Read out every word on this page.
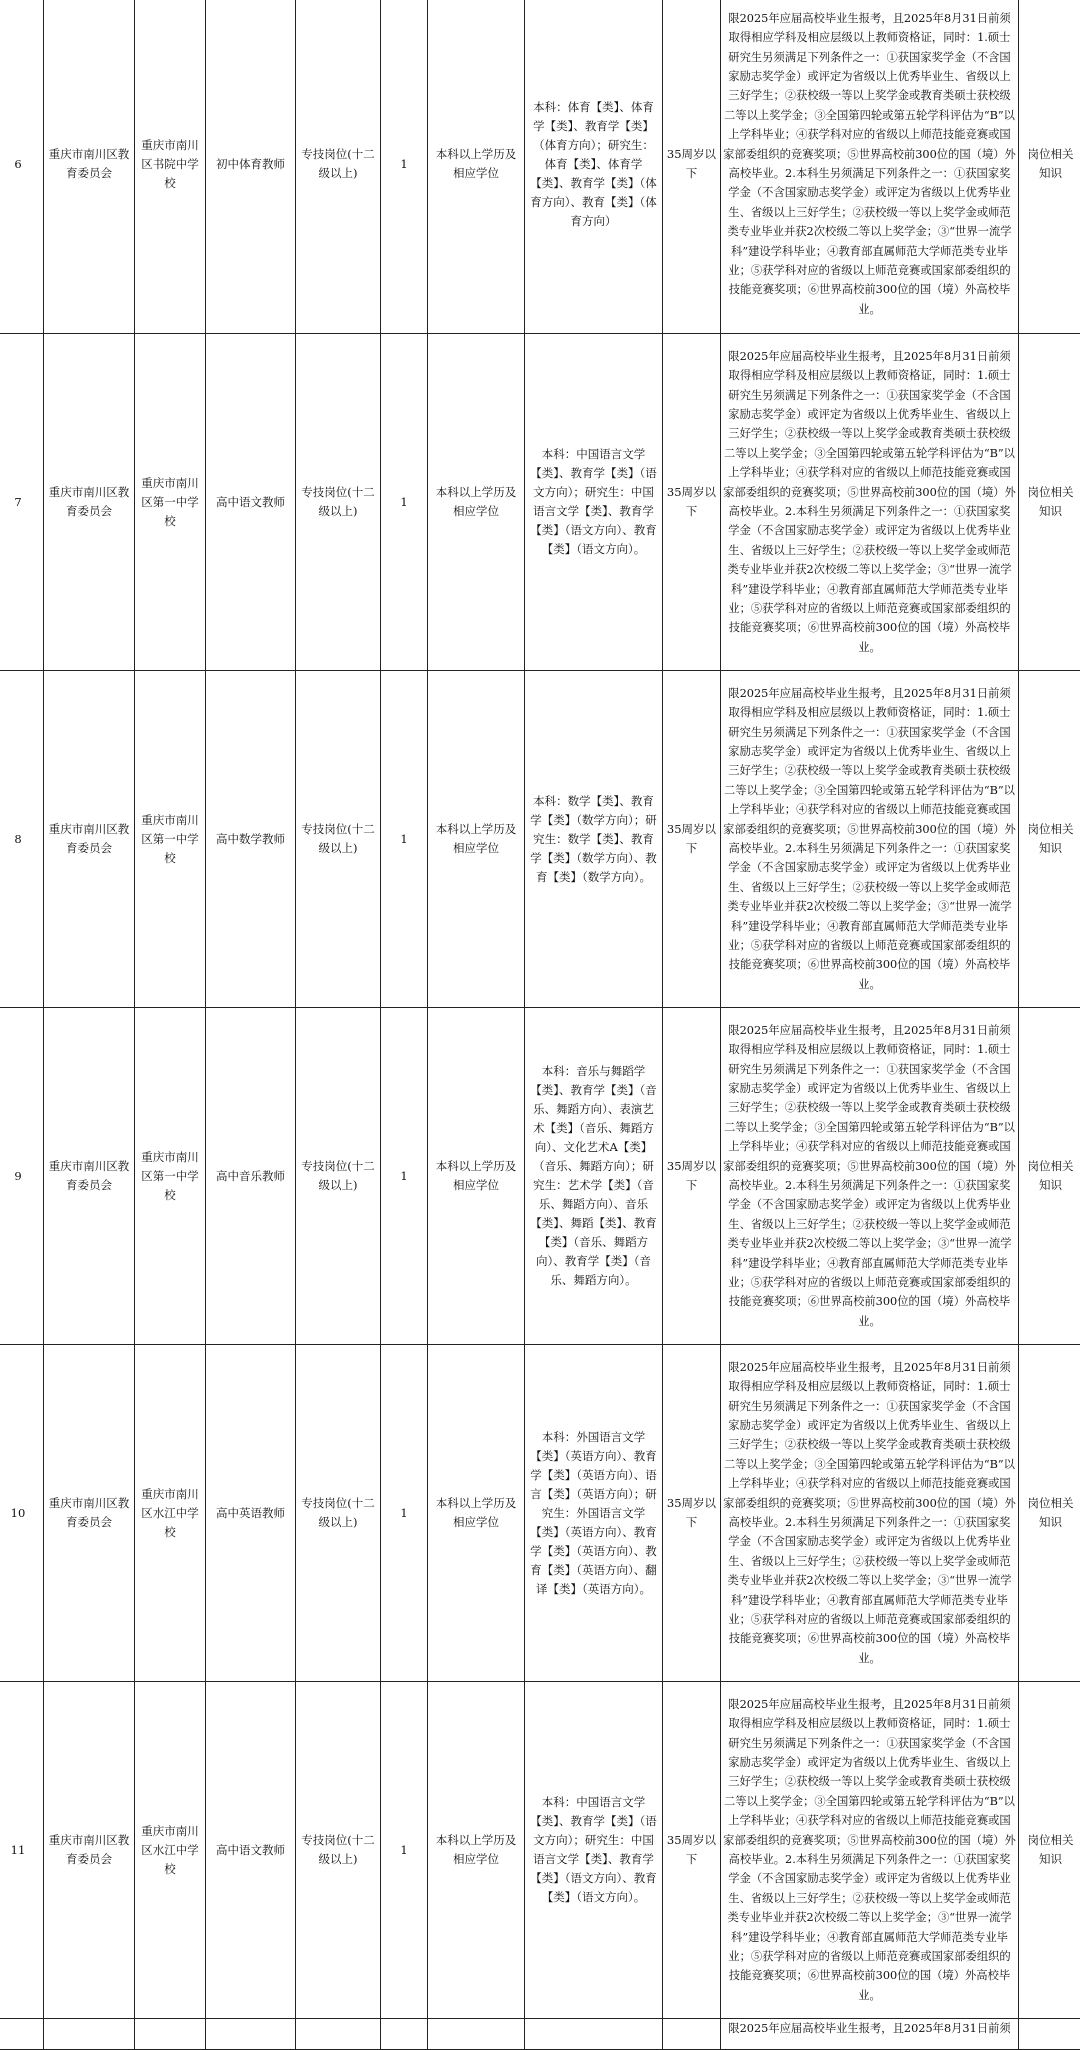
6	重庆市南川区教育委员会	重庆市南川区书院中学校	初中体育教师	专技岗位(十二级以上)	1	本科以上学历及相应学位	本科：体育【类】、体育学【类】、教育学【类】（体育方向）；研究生：体育【类】、体育学【类】、教育学【类】（体育方向）、教育【类】（体育方向）	35周岁以下	限2025年应届高校毕业生报考，且2025年8月31日前须取得相应学科及相应层级以上教师资格证，同时：1.硕士研究生另须满足下列条件之一：①获国家奖学金（不含国家励志奖学金）或评定为省级以上优秀毕业生、省级以上三好学生；②获校级一等以上奖学金或教育类硕士获校级二等以上奖学金；③全国第四轮或第五轮学科评估为“B”以上学科毕业；④获学科对应的省级以上师范技能竞赛或国家部委组织的竞赛奖项；⑤世界高校前300位的国（境）外高校毕业。2.本科生另须满足下列条件之一：①获国家奖学金（不含国家励志奖学金）或评定为省级以上优秀毕业生、省级以上三好学生；②获校级一等以上奖学金或师范类专业毕业并获2次校级二等以上奖学金；③“世界一流学科”建设学科毕业；④教育部直属师范大学师范类专业毕业；⑤获学科对应的省级以上师范竞赛或国家部委组织的技能竞赛奖项；⑥世界高校前300位的国（境）外高校毕业。	岗位相关知识	
7	重庆市南川区教育委员会	重庆市南川区第一中学校	高中语文教师	专技岗位(十二级以上)	1	本科以上学历及相应学位	本科：中国语言文学【类】、教育学【类】（语文方向）；研究生：中国语言文学【类】、教育学【类】（语文方向）、教育【类】（语文方向）。	35周岁以下	限2025年应届高校毕业生报考，且2025年8月31日前须取得相应学科及相应层级以上教师资格证，同时：1.硕士研究生另须满足下列条件之一：①获国家奖学金（不含国家励志奖学金）或评定为省级以上优秀毕业生、省级以上三好学生；②获校级一等以上奖学金或教育类硕士获校级二等以上奖学金；③全国第四轮或第五轮学科评估为“B”以上学科毕业；④获学科对应的省级以上师范技能竞赛或国家部委组织的竞赛奖项；⑤世界高校前300位的国（境）外高校毕业。2.本科生另须满足下列条件之一：①获国家奖学金（不含国家励志奖学金）或评定为省级以上优秀毕业生、省级以上三好学生；②获校级一等以上奖学金或师范类专业毕业并获2次校级二等以上奖学金；③“世界一流学科”建设学科毕业；④教育部直属师范大学师范类专业毕业；⑤获学科对应的省级以上师范竞赛或国家部委组织的技能竞赛奖项；⑥世界高校前300位的国（境）外高校毕业。	岗位相关知识	
8	重庆市南川区教育委员会	重庆市南川区第一中学校	高中数学教师	专技岗位(十二级以上)	1	本科以上学历及相应学位	本科：数学【类】、教育学【类】（数学方向）；研究生：数学【类】、教育学【类】（数学方向）、教育【类】（数学方向）。	35周岁以下	限2025年应届高校毕业生报考，且2025年8月31日前须取得相应学科及相应层级以上教师资格证，同时：1.硕士研究生另须满足下列条件之一：①获国家奖学金（不含国家励志奖学金）或评定为省级以上优秀毕业生、省级以上三好学生；②获校级一等以上奖学金或教育类硕士获校级二等以上奖学金；③全国第四轮或第五轮学科评估为“B”以上学科毕业；④获学科对应的省级以上师范技能竞赛或国家部委组织的竞赛奖项；⑤世界高校前300位的国（境）外高校毕业。2.本科生另须满足下列条件之一：①获国家奖学金（不含国家励志奖学金）或评定为省级以上优秀毕业生、省级以上三好学生；②获校级一等以上奖学金或师范类专业毕业并获2次校级二等以上奖学金；③“世界一流学科”建设学科毕业；④教育部直属师范大学师范类专业毕业；⑤获学科对应的省级以上师范竞赛或国家部委组织的技能竞赛奖项；⑥世界高校前300位的国（境）外高校毕业。	岗位相关知识	
9	重庆市南川区教育委员会	重庆市南川区第一中学校	高中音乐教师	专技岗位(十二级以上)	1	本科以上学历及相应学位	本科：音乐与舞蹈学【类】、教育学【类】（音乐、舞蹈方向）、表演艺术【类】（音乐、舞蹈方向）、文化艺术A【类】（音乐、舞蹈方向）；研究生：艺术学【类】（音乐、舞蹈方向）、音乐【类】、舞蹈【类】、教育【类】（音乐、舞蹈方向）、教育学【类】（音乐、舞蹈方向）。	35周岁以下	限2025年应届高校毕业生报考，且2025年8月31日前须取得相应学科及相应层级以上教师资格证，同时：1.硕士研究生另须满足下列条件之一：①获国家奖学金（不含国家励志奖学金）或评定为省级以上优秀毕业生、省级以上三好学生；②获校级一等以上奖学金或教育类硕士获校级二等以上奖学金；③全国第四轮或第五轮学科评估为“B”以上学科毕业；④获学科对应的省级以上师范技能竞赛或国家部委组织的竞赛奖项；⑤世界高校前300位的国（境）外高校毕业。2.本科生另须满足下列条件之一：①获国家奖学金（不含国家励志奖学金）或评定为省级以上优秀毕业生、省级以上三好学生；②获校级一等以上奖学金或师范类专业毕业并获2次校级二等以上奖学金；③“世界一流学科”建设学科毕业；④教育部直属师范大学师范类专业毕业；⑤获学科对应的省级以上师范竞赛或国家部委组织的技能竞赛奖项；⑥世界高校前300位的国（境）外高校毕业。	岗位相关知识	
10	重庆市南川区教育委员会	重庆市南川区水江中学校	高中英语教师	专技岗位(十二级以上)	1	本科以上学历及相应学位	本科：外国语言文学【类】（英语方向）、教育学【类】（英语方向）、语言【类】（英语方向）；研究生：外国语言文学【类】（英语方向）、教育学【类】（英语方向）、教育【类】（英语方向）、翻译【类】（英语方向）。	35周岁以下	限2025年应届高校毕业生报考，且2025年8月31日前须取得相应学科及相应层级以上教师资格证，同时：1.硕士研究生另须满足下列条件之一：①获国家奖学金（不含国家励志奖学金）或评定为省级以上优秀毕业生、省级以上三好学生；②获校级一等以上奖学金或教育类硕士获校级二等以上奖学金；③全国第四轮或第五轮学科评估为“B”以上学科毕业；④获学科对应的省级以上师范技能竞赛或国家部委组织的竞赛奖项；⑤世界高校前300位的国（境）外高校毕业。2.本科生另须满足下列条件之一：①获国家奖学金（不含国家励志奖学金）或评定为省级以上优秀毕业生、省级以上三好学生；②获校级一等以上奖学金或师范类专业毕业并获2次校级二等以上奖学金；③“世界一流学科”建设学科毕业；④教育部直属师范大学师范类专业毕业；⑤获学科对应的省级以上师范竞赛或国家部委组织的技能竞赛奖项；⑥世界高校前300位的国（境）外高校毕业。	岗位相关知识	
11	重庆市南川区教育委员会	重庆市南川区水江中学校	高中语文教师	专技岗位(十二级以上)	1	本科以上学历及相应学位	本科：中国语言文学【类】、教育学【类】（语文方向）；研究生：中国语言文学【类】、教育学【类】（语文方向）、教育【类】（语文方向）。	35周岁以下	限2025年应届高校毕业生报考，且2025年8月31日前须取得相应学科及相应层级以上教师资格证，同时：1.硕士研究生另须满足下列条件之一：①获国家奖学金（不含国家励志奖学金）或评定为省级以上优秀毕业生、省级以上三好学生；②获校级一等以上奖学金或教育类硕士获校级二等以上奖学金；③全国第四轮或第五轮学科评估为“B”以上学科毕业；④获学科对应的省级以上师范技能竞赛或国家部委组织的竞赛奖项；⑤世界高校前300位的国（境）外高校毕业。2.本科生另须满足下列条件之一：①获国家奖学金（不含国家励志奖学金）或评定为省级以上优秀毕业生、省级以上三好学生；②获校级一等以上奖学金或师范类专业毕业并获2次校级二等以上奖学金；③“世界一流学科”建设学科毕业；④教育部直属师范大学师范类专业毕业；⑤获学科对应的省级以上师范竞赛或国家部委组织的技能竞赛奖项；⑥世界高校前300位的国（境）外高校毕业。	岗位相关知识	
									限2025年应届高校毕业生报考，且2025年8月31日前须		
